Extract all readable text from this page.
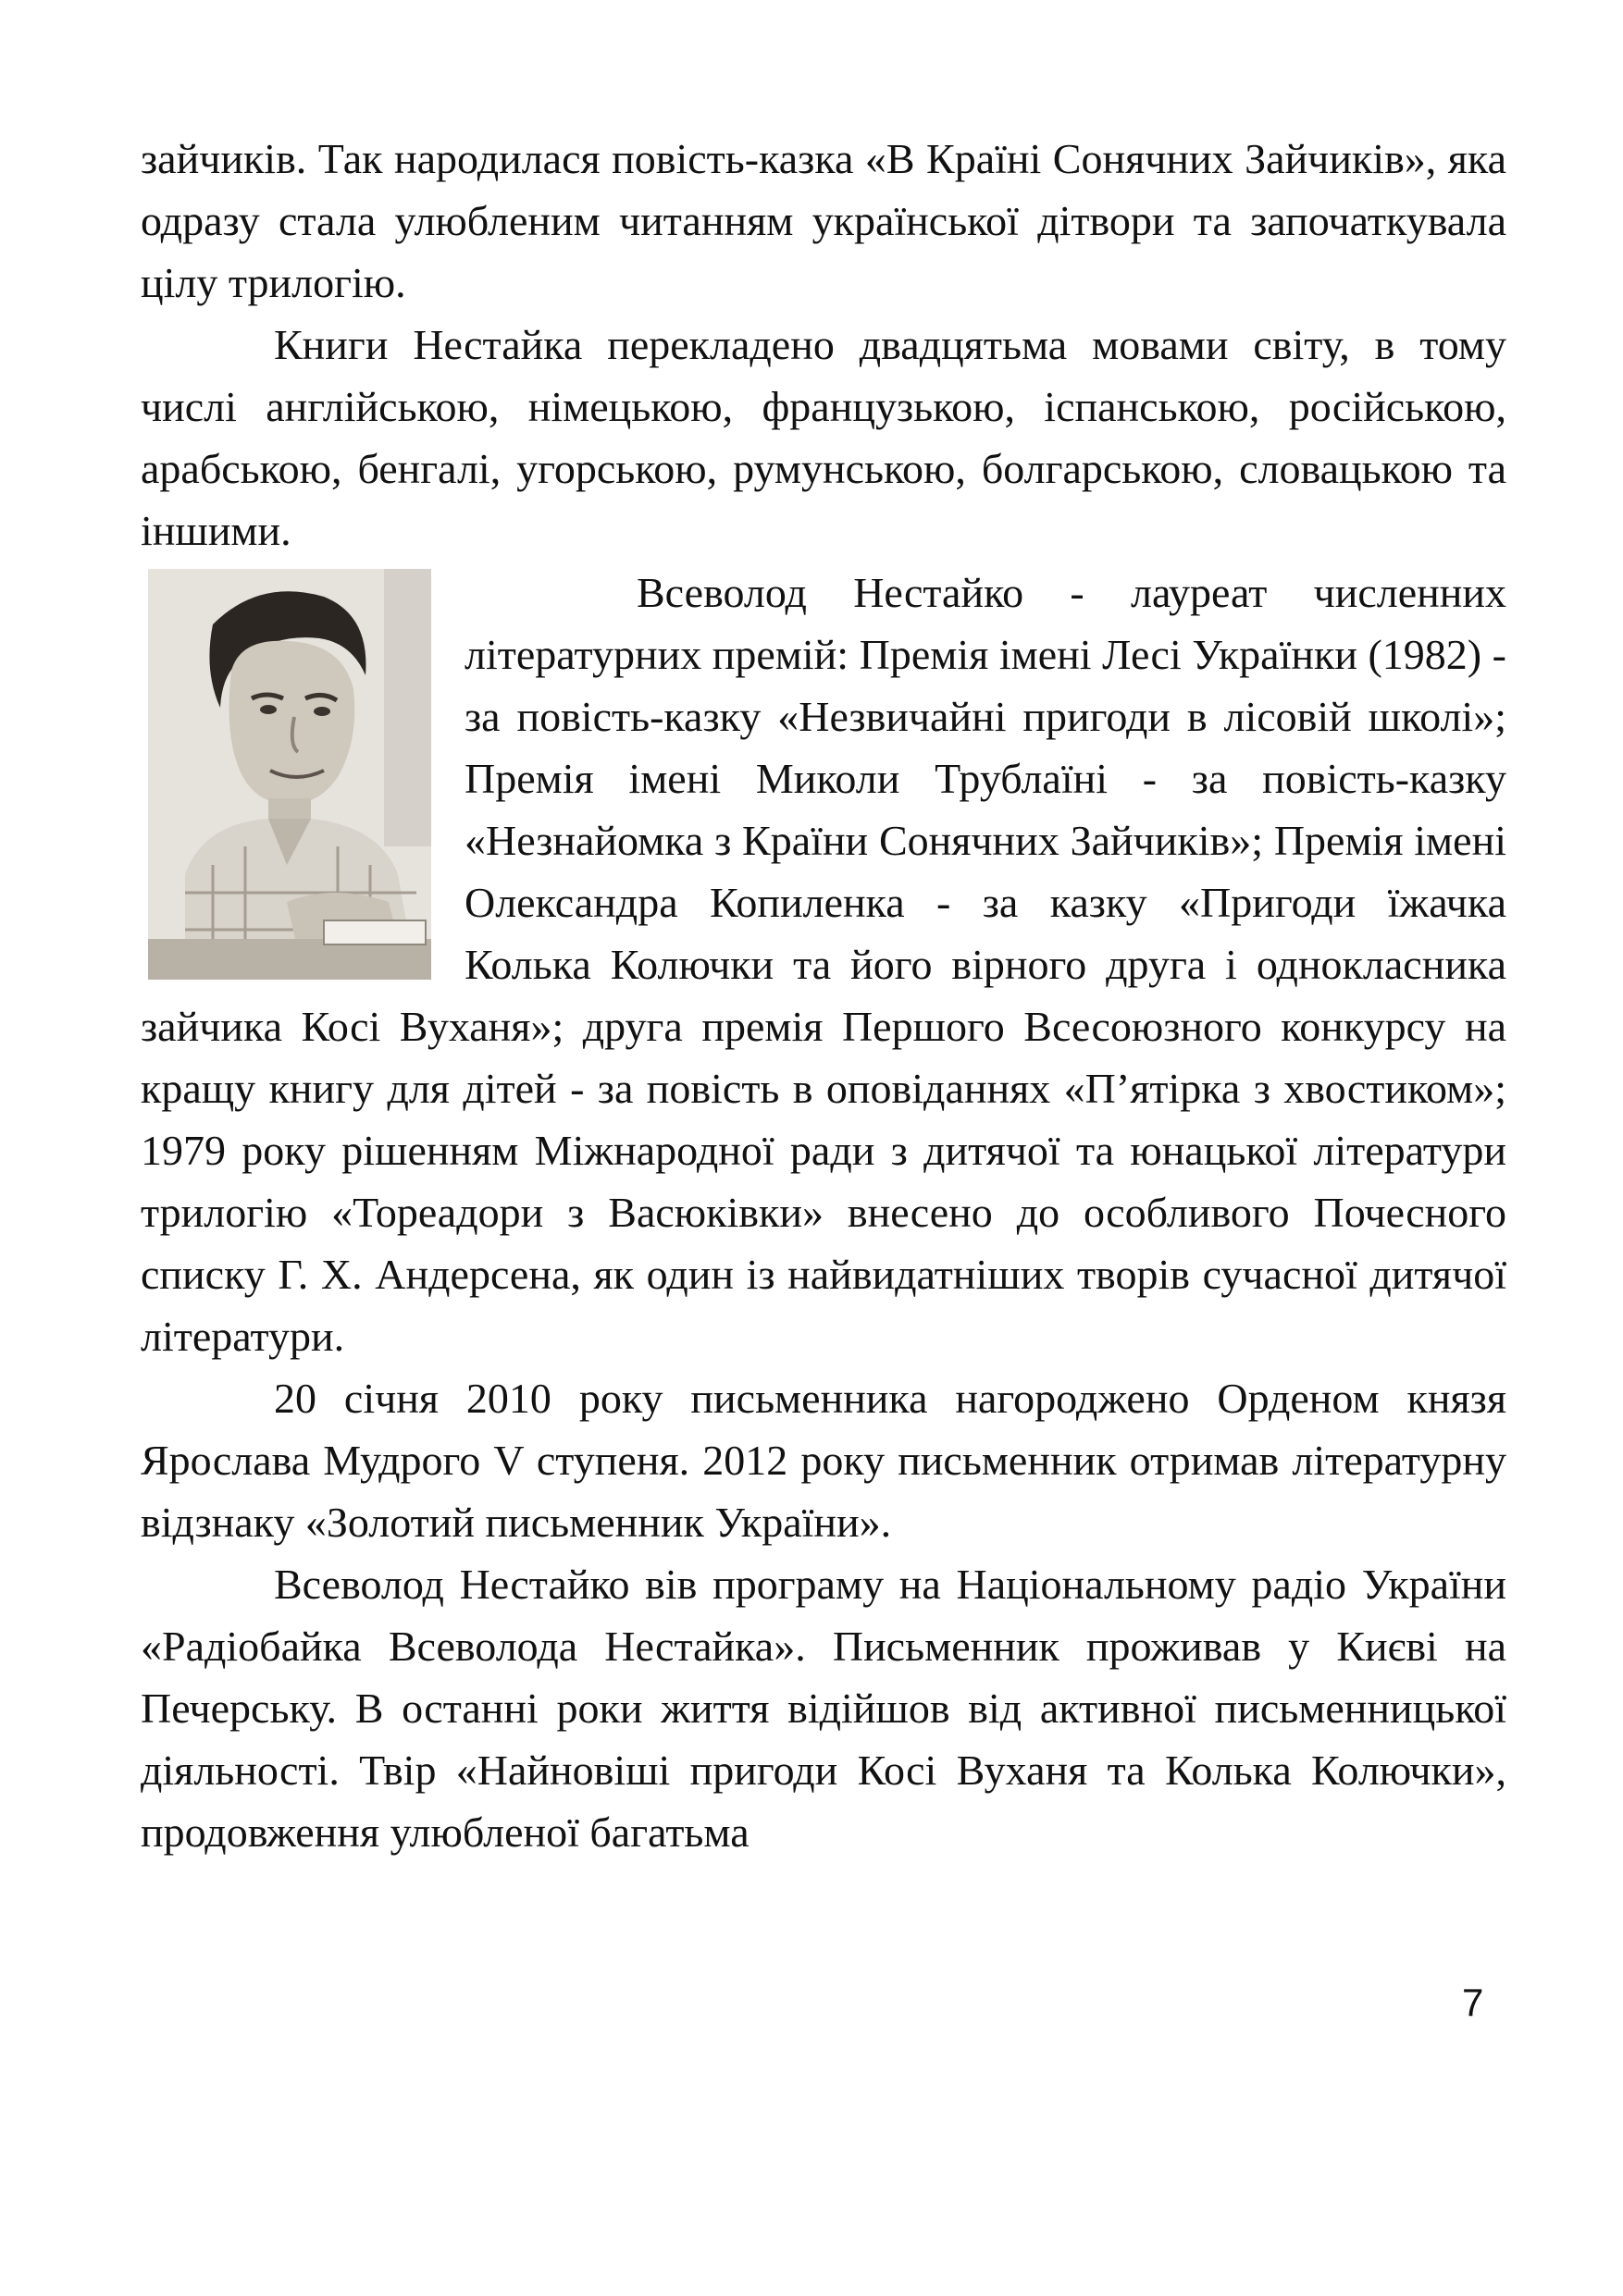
зайчиків. Так народилася повість-казка «В Країні Сонячних Зайчиків», яка одразу стала улюбленим читанням української дітвори та започаткувала цілу трилогію.

Книги Нестайка перекладено двадцятьма мовами світу, в тому числі англійською, німецькою, французькою, іспанською, російською, арабською, бенгалі, угорською, румунською, болгарською, словацькою та іншими.

Всеволод Нестайко - лауреат численних літературних премій: Премія імені Лесі Українки (1982) - за повість-казку «Незвичайні пригоди в лісовій школі»; Премія імені Миколи Трублаїні - за повість-казку «Незнайомка з Країни Сонячних Зайчиків»; Премія імені Олександра Копиленка - за казку «Пригоди їжачка Колька Колючки та його вірного друга і однокласника зайчика Косі Вуханя»; друга премія Першого Всесоюзного конкурсу на кращу книгу для дітей - за повість в оповіданнях «П’ятірка з хвостиком»; 1979 року рішенням Міжнародної ради з дитячої та юнацької літератури трилогію «Тореадори з Васюківки» внесено до особливого Почесного списку Г. Х. Андерсена, як один із найвидатніших творів сучасної дитячої літератури.

20 січня 2010 року письменника нагороджено Орденом князя Ярослава Мудрого V ступеня. 2012 року письменник отримав літературну відзнаку «Золотий письменник України».

Всеволод Нестайко вів програму на Національному радіо України «Радіобайка Всеволода Нестайка». Письменник проживав у Києві на Печерську. В останні роки життя відійшов від активної письменницької діяльності. Твір «Найновіші пригоди Косі Вуханя та Колька Колючки», продовження улюбленої багатьма

7
